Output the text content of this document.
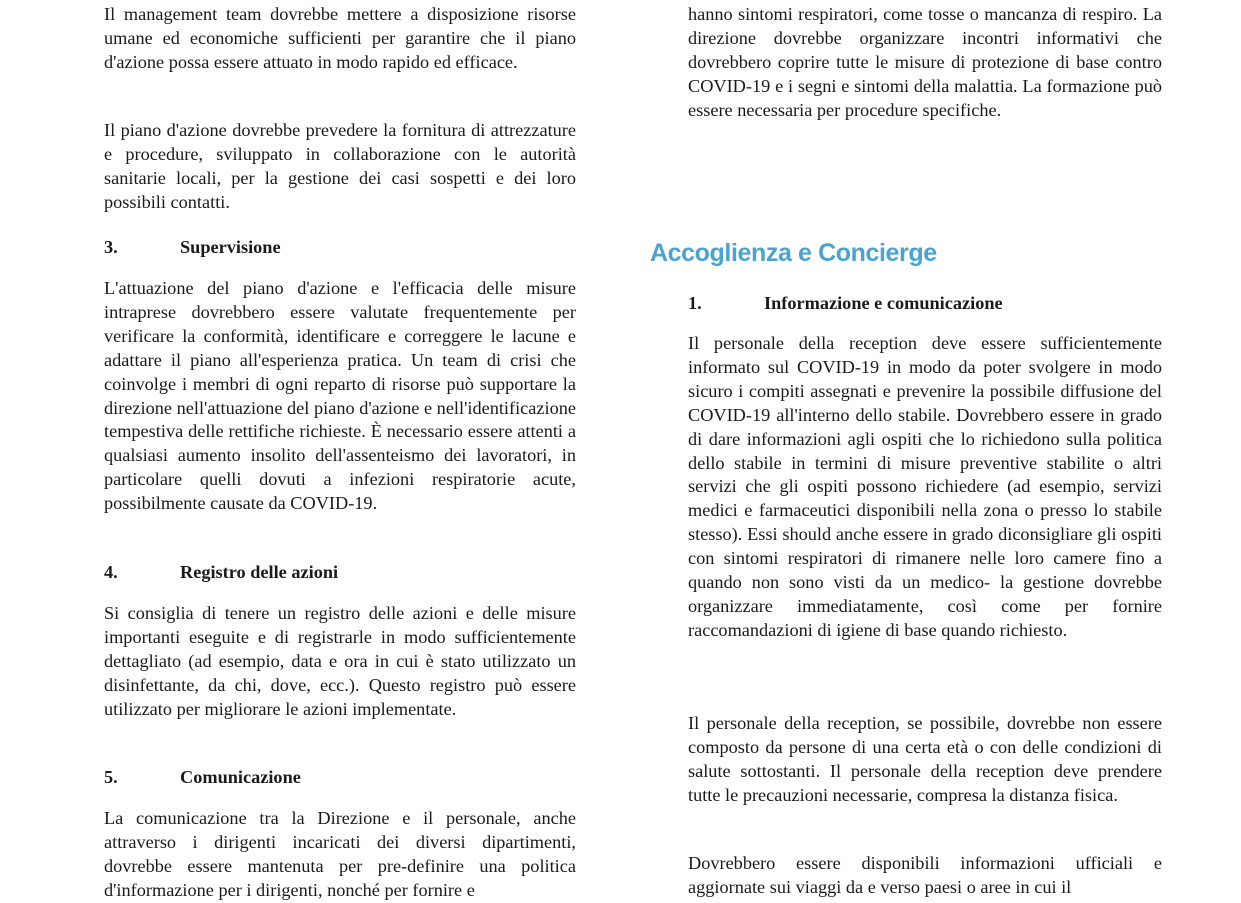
Il management team dovrebbe mettere a disposizione risorse umane ed economiche sufficienti per garantire che il piano d'azione possa essere attuato in modo rapido ed efficace.

Il piano d'azione dovrebbe prevedere la fornitura di attrezzature e procedure, sviluppato in collaborazione con le autorità sanitarie locali, per la gestione dei casi sospetti e dei loro possibili contatti.

3.	Supervisione

L'attuazione del piano d'azione e l'efficacia delle misure intraprese dovrebbero essere valutate frequentemente per verificare la conformità, identificare e correggere le lacune e adattare il piano all'esperienza pratica. Un team di crisi che coinvolge i membri di ogni reparto di risorse può supportare la direzione nell'attuazione del piano d'azione e nell'identificazione tempestiva delle rettifiche richieste. È necessario essere attenti a qualsiasi aumento insolito dell'assenteismo dei lavoratori, in particolare quelli dovuti a infezioni respiratorie acute, possibilmente causate da COVID-19.

4.	Registro delle azioni

Si consiglia di tenere un registro delle azioni e delle misure importanti eseguite e di registrarle in modo sufficientemente dettagliato (ad esempio, data e ora in cui è stato utilizzato un disinfettante, da chi, dove, ecc.). Questo registro può essere utilizzato per migliorare le azioni implementate.

5.	Comunicazione

La comunicazione tra la Direzione e il personale, anche attraverso i dirigenti incaricati dei diversi dipartimenti, dovrebbe essere mantenuta per pre-definire una politica d'informazione per i dirigenti, nonché per fornire e

hanno sintomi respiratori, come tosse o mancanza di respiro. La direzione dovrebbe organizzare incontri informativi che dovrebbero coprire tutte le misure di protezione di base contro COVID-19 e i segni e sintomi della malattia. La formazione può essere necessaria per procedure specifiche.

Accoglienza e Concierge
1.	Informazione e comunicazione

Il personale della reception deve essere sufficientemente informato sul COVID-19 in modo da poter svolgere in modo sicuro i compiti assegnati e prevenire la possibile diffusione del COVID-19 all'interno dello stabile. Dovrebbero essere in grado di dare informazioni agli ospiti che lo richiedono sulla politica dello stabile in termini di misure preventive stabilite o altri servizi che gli ospiti possono richiedere (ad esempio, servizi medici e farmaceutici disponibili nella zona o presso lo stabile stesso). Essi should anche essere in grado diconsigliare gli ospiti con sintomi respiratori di rimanere nelle loro camere fino a quando non sono visti da un medico- la gestione dovrebbe organizzare immediatamente, così come per fornire raccomandazioni di igiene di base quando richiesto.

Il personale della reception, se possibile, dovrebbe non essere composto da persone di una certa età o con delle condizioni di salute sottostanti. Il personale della reception deve prendere tutte le precauzioni necessarie, compresa la distanza fisica.

Dovrebbero essere disponibili informazioni ufficiali e aggiornate sui viaggi da e verso paesi o aree in cui il
